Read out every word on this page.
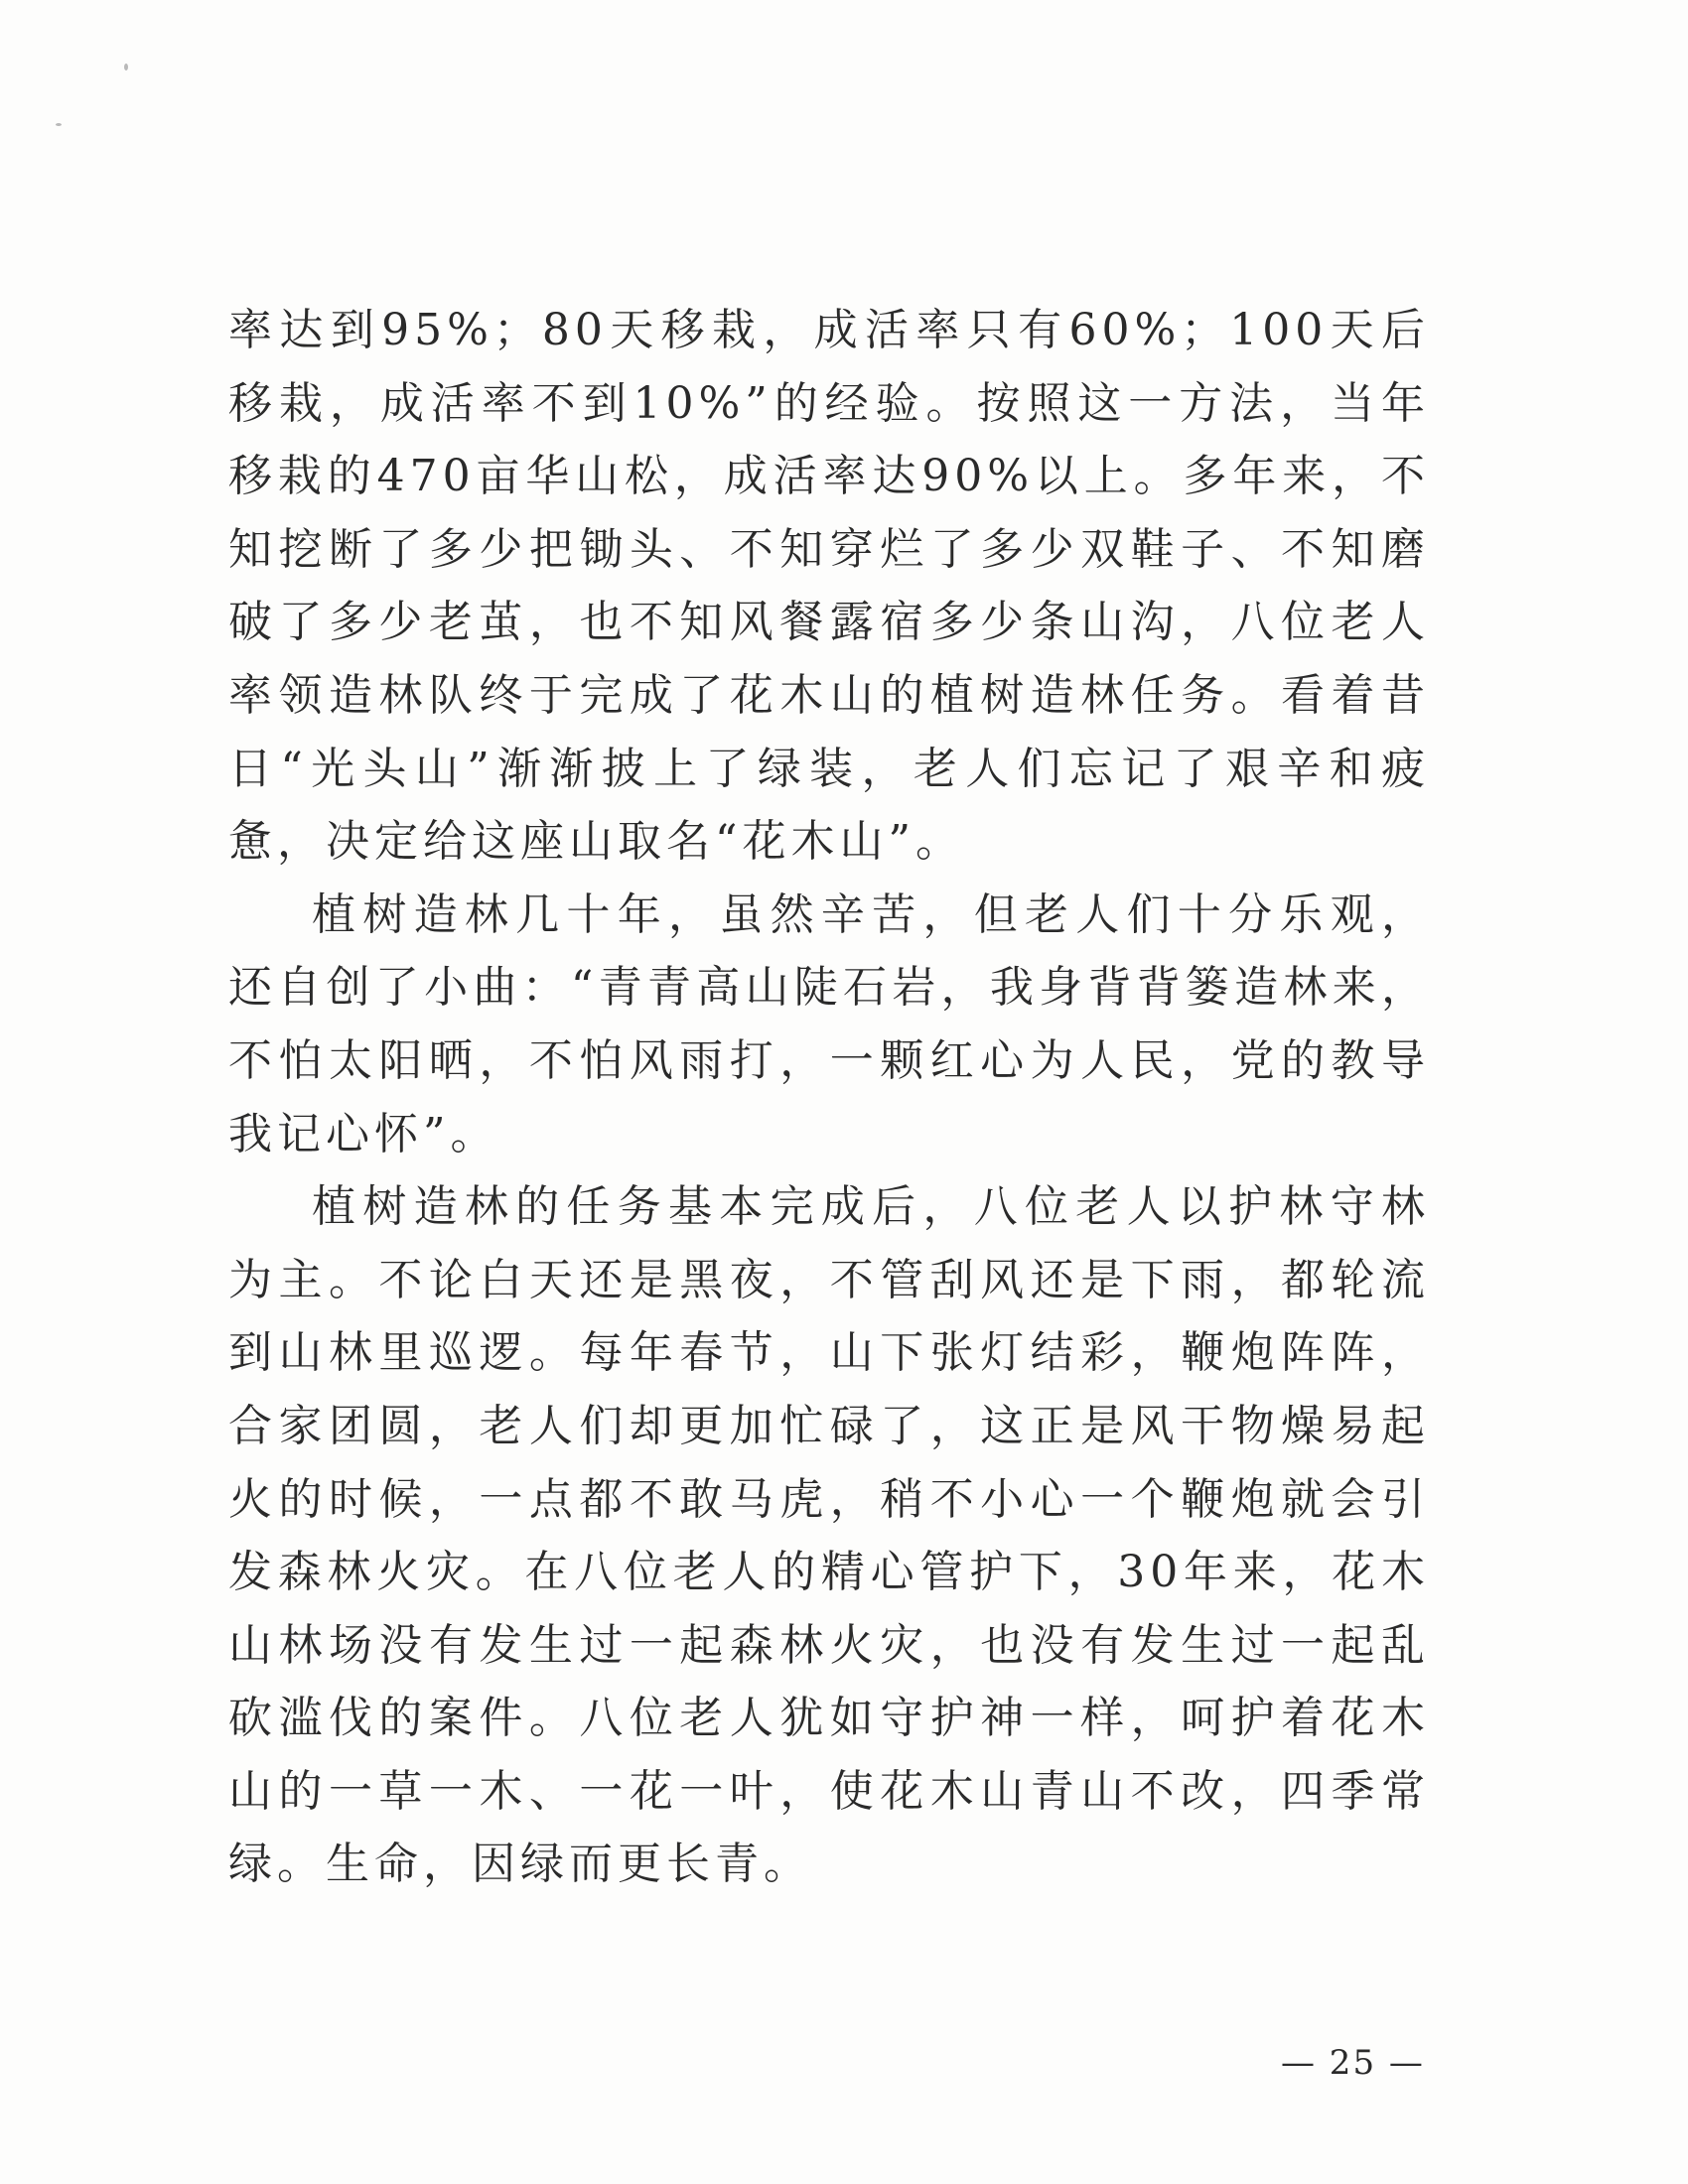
率达到95%；80天移栽，成活率只有60%；100天后移栽，成活率不到10%”的经验。按照这一方法，当年移栽的470亩华山松，成活率达90%以上。多年来，不知挖断了多少把锄头、不知穿烂了多少双鞋子、不知磨破了多少老茧，也不知风餐露宿多少条山沟，八位老人率领造林队终于完成了花木山的植树造林任务。看着昔日“光头山”渐渐披上了绿装，老人们忘记了艰辛和疲惫，决定给这座山取名“花木山”。

植树造林几十年，虽然辛苦，但老人们十分乐观，还自创了小曲：“青青高山陡石岩，我身背背篓造林来，不怕太阳晒，不怕风雨打，一颗红心为人民，党的教导我记心怀”。

植树造林的任务基本完成后，八位老人以护林守林为主。不论白天还是黑夜，不管刮风还是下雨，都轮流到山林里巡逻。每年春节，山下张灯结彩，鞭炮阵阵，合家团圆，老人们却更加忙碌了，这正是风干物燥易起火的时候，一点都不敢马虎，稍不小心一个鞭炮就会引发森林火灾。在八位老人的精心管护下，30年来，花木山林场没有发生过一起森林火灾，也没有发生过一起乱砍滥伐的案件。八位老人犹如守护神一样，呵护着花木山的一草一木、一花一叶，使花木山青山不改，四季常绿。生命，因绿而更长青。

— 25 —
